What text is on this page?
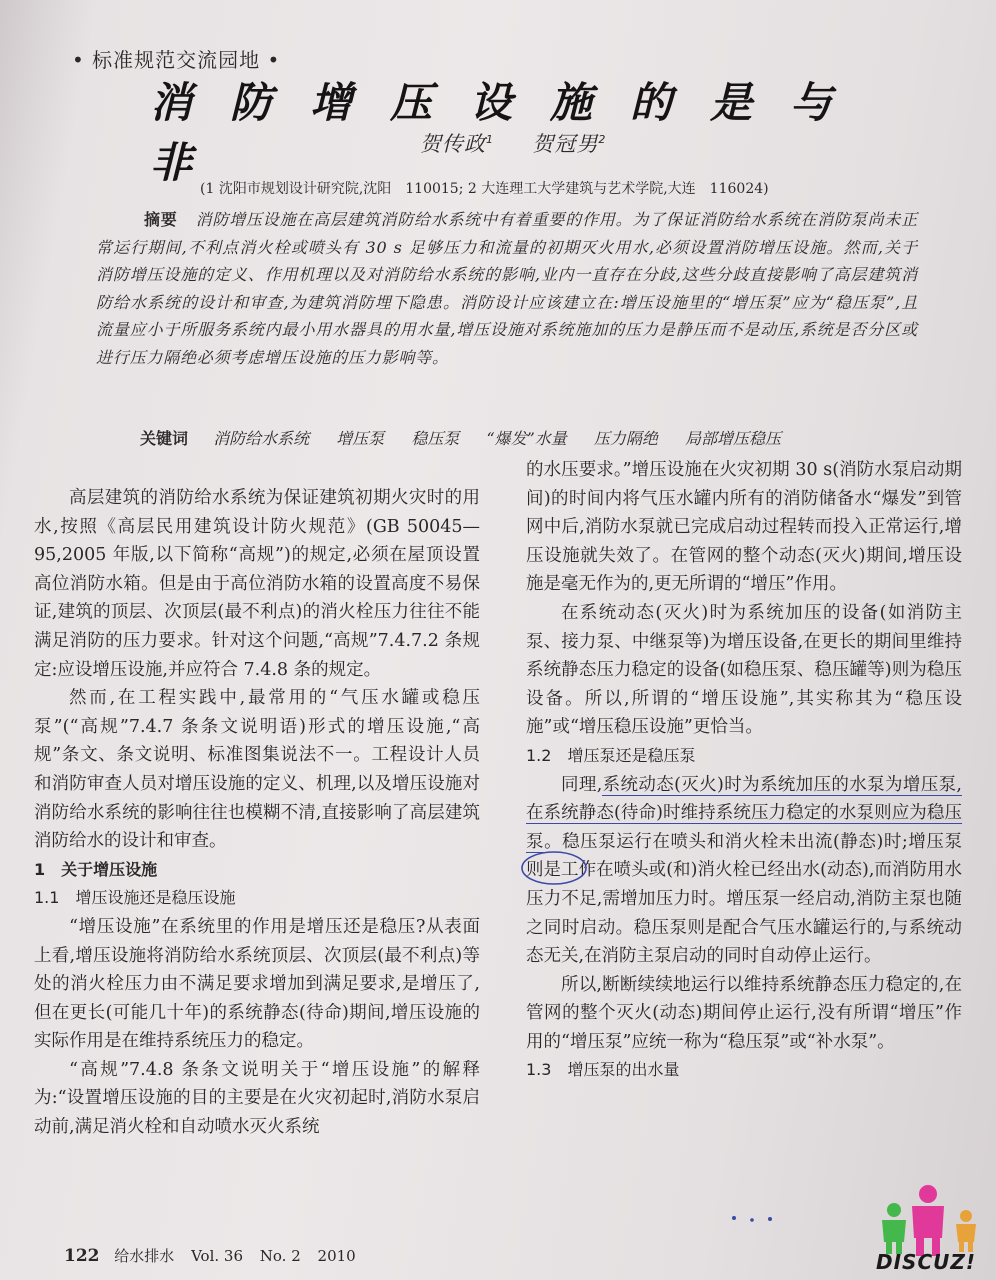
• 标准规范交流园地 •
消防增压设施的是与非	贺传政$^1$ 贺冠男$^2$
(1 沈阳市规划设计研究院,沈阳　110015; 2 大连理工大学建筑与艺术学院,大连　116024)
摘要 消防增压设施在高层建筑消防给水系统中有着重要的作用。为了保证消防给水系统在消防泵尚未正常运行期间,不利点消火栓或喷头有 30 s 足够压力和流量的初期灭火用水,必须设置消防增压设施。然而,关于消防增压设施的定义、作用机理以及对消防给水系统的影响,业内一直存在分歧,这些分歧直接影响了高层建筑消防给水系统的设计和审查,为建筑消防埋下隐患。消防设计应该建立在:增压设施里的“增压泵”应为“稳压泵”,且流量应小于所服务系统内最小用水器具的用水量,增压设施对系统施加的压力是静压而不是动压,系统是否分区或进行压力隔绝必须考虑增压设施的压力影响等。
关键词 消防给水系统 增压泵 稳压泵 “爆发”水量 压力隔绝 局部增压稳压

高层建筑的消防给水系统为保证建筑初期火灾时的用水,按照《高层民用建筑设计防火规范》(GB 50045—95,2005 年版,以下简称“高规”)的规定,必须在屋顶设置高位消防水箱。但是由于高位消防水箱的设置高度不易保证,建筑的顶层、次顶层(最不利点)的消火栓压力往往不能满足消防的压力要求。针对这个问题,“高规”7.4.7.2 条规定:应设增压设施,并应符合 7.4.8 条的规定。

然而,在工程实践中,最常用的“气压水罐或稳压泵”(“高规”7.4.7 条条文说明语)形式的增压设施,“高规”条文、条文说明、标准图集说法不一。工程设计人员和消防审查人员对增压设施的定义、机理,以及增压设施对消防给水系统的影响往往也模糊不清,直接影响了高层建筑消防给水的设计和审查。

1　关于增压设施
1.1　增压设施还是稳压设施

“增压设施”在系统里的作用是增压还是稳压?从表面上看,增压设施将消防给水系统顶层、次顶层(最不利点)等处的消火栓压力由不满足要求增加到满足要求,是增压了,但在更长(可能几十年)的系统静态(待命)期间,增压设施的实际作用是在维持系统压力的稳定。

“高规”7.4.8 条条文说明关于“增压设施”的解释为:“设置增压设施的目的主要是在火灾初起时,消防水泵启动前,满足消火栓和自动喷水灭火系统

的水压要求。”增压设施在火灾初期 30 s(消防水泵启动期间)的时间内将气压水罐内所有的消防储备水“爆发”到管网中后,消防水泵就已完成启动过程转而投入正常运行,增压设施就失效了。在管网的整个动态(灭火)期间,增压设施是毫无作为的,更无所谓的“增压”作用。

在系统动态(灭火)时为系统加压的设备(如消防主泵、接力泵、中继泵等)为增压设备,在更长的期间里维持系统静态压力稳定的设备(如稳压泵、稳压罐等)则为稳压设备。所以,所谓的“增压设施”,其实称其为“稳压设施”或“增压稳压设施”更恰当。

1.2　增压泵还是稳压泵

同理,系统动态(灭火)时为系统加压的水泵为增压泵,在系统静态(待命)时维持系统压力稳定的水泵则应为稳压泵。稳压泵运行在喷头和消火栓未出流(静态)时;增压泵则是工作在喷头或(和)消火栓已经出水(动态),而消防用水压力不足,需增加压力时。增压泵一经启动,消防主泵也随之同时启动。稳压泵则是配合气压水罐运行的,与系统动态无关,在消防主泵启动的同时自动停止运行。

所以,断断续续地运行以维持系统静态压力稳定的,在管网的整个灭火(动态)期间停止运行,没有所谓“增压”作用的“增压泵”应统一称为“稳压泵”或“补水泵”。

1.3　增压泵的出水量
122 给水排水 Vol. 36 No. 2 2010	DISCUZ!
